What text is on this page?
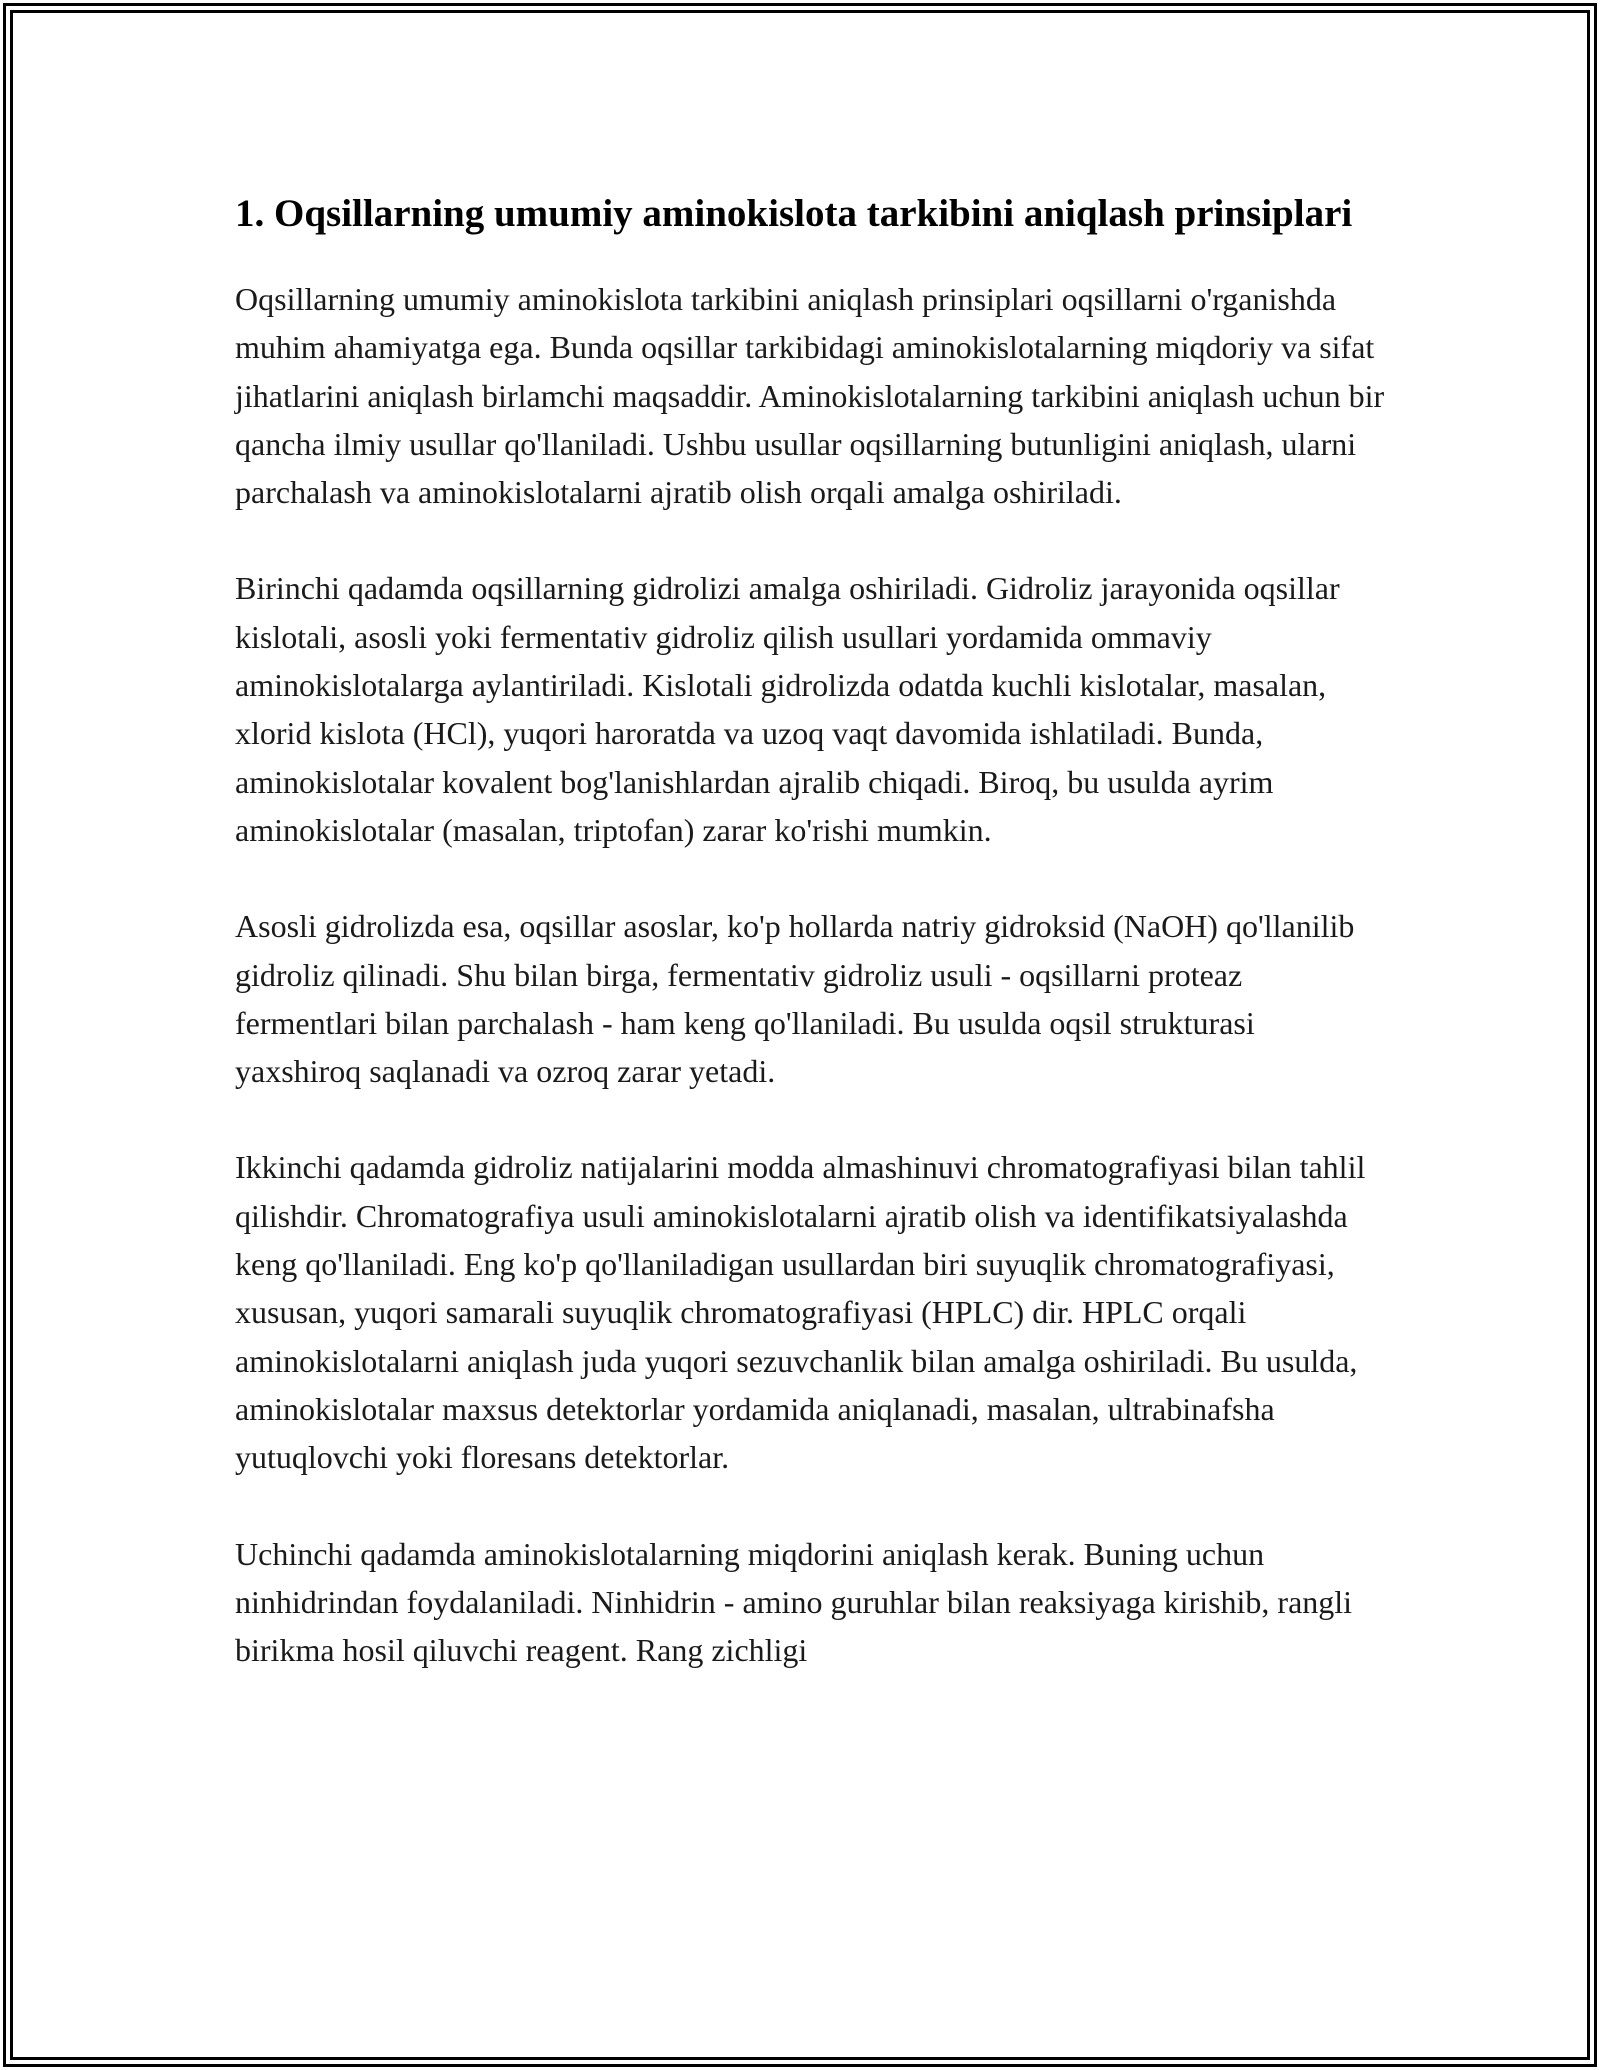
1. Oqsillarning umumiy aminokislota tarkibini aniqlash prinsiplari

Oqsillarning umumiy aminokislota tarkibini aniqlash prinsiplari oqsillarni o'rganishda muhim ahamiyatga ega. Bunda oqsillar tarkibidagi aminokislotalarning miqdoriy va sifat jihatlarini aniqlash birlamchi maqsaddir. Aminokislotalarning tarkibini aniqlash uchun bir qancha ilmiy usullar qo'llaniladi. Ushbu usullar oqsillarning butunligini aniqlash, ularni parchalash va aminokislotalarni ajratib olish orqali amalga oshiriladi.

Birinchi qadamda oqsillarning gidrolizi amalga oshiriladi. Gidroliz jarayonida oqsillar kislotali, asosli yoki fermentativ gidroliz qilish usullari yordamida ommaviy aminokislotalarga aylantiriladi. Kislotali gidrolizda odatda kuchli kislotalar, masalan, xlorid kislota (HCl), yuqori haroratda va uzoq vaqt davomida ishlatiladi. Bunda, aminokislotalar kovalent bog'lanishlardan ajralib chiqadi. Biroq, bu usulda ayrim aminokislotalar (masalan, triptofan) zarar ko'rishi mumkin.

Asosli gidrolizda esa, oqsillar asoslar, ko'p hollarda natriy gidroksid (NaOH) qo'llanilib gidroliz qilinadi. Shu bilan birga, fermentativ gidroliz usuli - oqsillarni proteaz fermentlari bilan parchalash - ham keng qo'llaniladi. Bu usulda oqsil strukturasi yaxshiroq saqlanadi va ozroq zarar yetadi.

Ikkinchi qadamda gidroliz natijalarini modda almashinuvi chromatografiyasi bilan tahlil qilishdir. Chromatografiya usuli aminokislotalarni ajratib olish va identifikatsiyalashda keng qo'llaniladi. Eng ko'p qo'llaniladigan usullardan biri suyuqlik chromatografiyasi, xususan, yuqori samarali suyuqlik chromatografiyasi (HPLC) dir. HPLC orqali aminokislotalarni aniqlash juda yuqori sezuvchanlik bilan amalga oshiriladi. Bu usulda, aminokislotalar maxsus detektorlar yordamida aniqlanadi, masalan, ultrabinafsha yutuqlovchi yoki floresans detektorlar.

Uchinchi qadamda aminokislotalarning miqdorini aniqlash kerak. Buning uchun ninhidrindan foydalaniladi. Ninhidrin - amino guruhlar bilan reaksiyaga kirishib, rangli birikma hosil qiluvchi reagent. Rang zichligi
